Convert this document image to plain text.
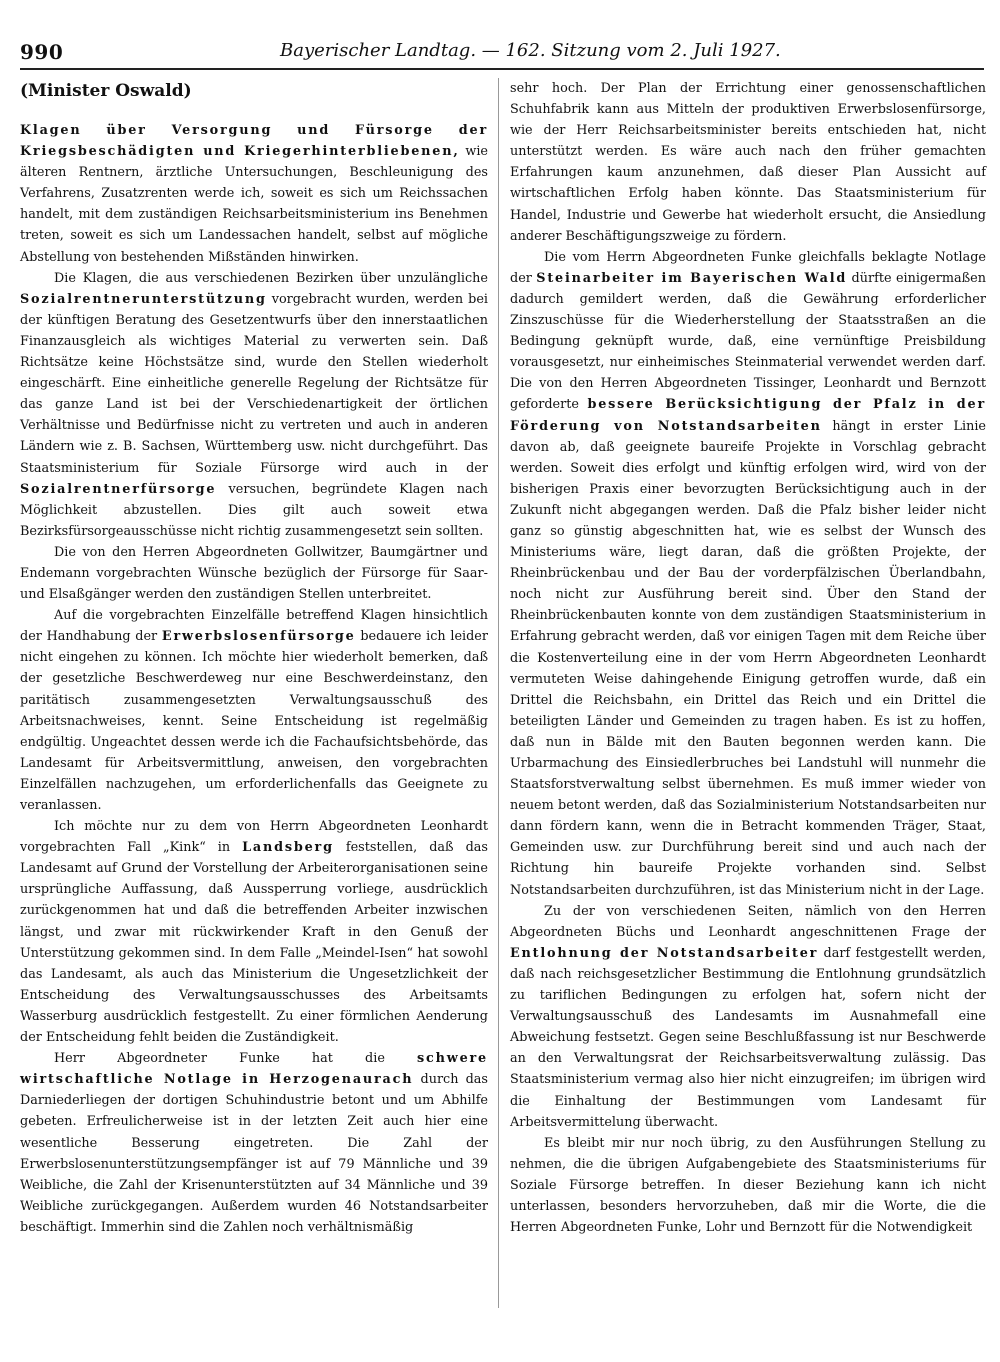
990	Bayerischer Landtag. — 162. Sitzung vom 2. Juli 1927.
(Minister Oswald)

Klagen über Versorgung und Fürsorge der Kriegsbeschädigten und Kriegerhinterbliebenen, wie älteren Rentnern, ärztliche Untersuchungen, Beschleunigung des Verfahrens, Zusatzrenten werde ich, soweit es sich um Reichssachen handelt, mit dem zuständigen Reichsarbeitsministerium ins Benehmen treten, soweit es sich um Landessachen handelt, selbst auf mögliche Abstellung von bestehenden Mißständen hinwirken.

Die Klagen, die aus verschiedenen Bezirken über unzulängliche Sozialrentnerunterstützung vorgebracht wurden, werden bei der künftigen Beratung des Gesetzentwurfs über den innerstaatlichen Finanzausgleich als wichtiges Material zu verwerten sein. Daß Richtsätze keine Höchstsätze sind, wurde den Stellen wiederholt eingeschärft. Eine einheitliche generelle Regelung der Richtsätze für das ganze Land ist bei der Verschiedenartigkeit der örtlichen Verhältnisse und Bedürfnisse nicht zu vertreten und auch in anderen Ländern wie z. B. Sachsen, Württemberg usw. nicht durchgeführt. Das Staatsministerium für Soziale Fürsorge wird auch in der Sozialrentnerfürsorge versuchen, begründete Klagen nach Möglichkeit abzustellen. Dies gilt auch soweit etwa Bezirksfürsorgeausschüsse nicht richtig zusammengesetzt sein sollten.

Die von den Herren Abgeordneten Gollwitzer, Baumgärtner und Endemann vorgebrachten Wünsche bezüglich der Fürsorge für Saar- und Elsaßgänger werden den zuständigen Stellen unterbreitet.

Auf die vorgebrachten Einzelfälle betreffend Klagen hinsichtlich der Handhabung der Erwerbslosenfürsorge bedauere ich leider nicht eingehen zu können. Ich möchte hier wiederholt bemerken, daß der gesetzliche Beschwerdeweg nur eine Beschwerdeinstanz, den paritätisch zusammengesetzten Verwaltungsausschuß des Arbeitsnachweises, kennt. Seine Entscheidung ist regelmäßig endgültig. Ungeachtet dessen werde ich die Fachaufsichtsbehörde, das Landesamt für Arbeitsvermittlung, anweisen, den vorgebrachten Einzelfällen nachzugehen, um erforderlichenfalls das Geeignete zu veranlassen.

Ich möchte nur zu dem von Herrn Abgeordneten Leonhardt vorgebrachten Fall „Kink“ in Landsberg feststellen, daß das Landesamt auf Grund der Vorstellung der Arbeiterorganisationen seine ursprüngliche Auffassung, daß Aussperrung vorliege, ausdrücklich zurückgenommen hat und daß die betreffenden Arbeiter inzwischen längst, und zwar mit rückwirkender Kraft in den Genuß der Unterstützung gekommen sind. In dem Falle „Meindel-Isen“ hat sowohl das Landesamt, als auch das Ministerium die Ungesetzlichkeit der Entscheidung des Verwaltungsausschusses des Arbeitsamts Wasserburg ausdrücklich festgestellt. Zu einer förmlichen Aenderung der Entscheidung fehlt beiden die Zuständigkeit.

Herr Abgeordneter Funke hat die schwere wirtschaftliche Notlage in Herzogenaurach durch das Darniederliegen der dortigen Schuhindustrie betont und um Abhilfe gebeten. Erfreulicherweise ist in der letzten Zeit auch hier eine wesentliche Besserung eingetreten. Die Zahl der Erwerbslosenunterstützungsempfänger ist auf 79 Männliche und 39 Weibliche, die Zahl der Krisenunterstützten auf 34 Männliche und 39 Weibliche zurückgegangen. Außerdem wurden 46 Notstandsarbeiter beschäftigt. Immerhin sind die Zahlen noch verhältnismäßig

sehr hoch. Der Plan der Errichtung einer genossenschaftlichen Schuhfabrik kann aus Mitteln der produktiven Erwerbslosenfürsorge, wie der Herr Reichsarbeitsminister bereits entschieden hat, nicht unterstützt werden. Es wäre auch nach den früher gemachten Erfahrungen kaum anzunehmen, daß dieser Plan Aussicht auf wirtschaftlichen Erfolg haben könnte. Das Staatsministerium für Handel, Industrie und Gewerbe hat wiederholt ersucht, die Ansiedlung anderer Beschäftigungszweige zu fördern.

Die vom Herrn Abgeordneten Funke gleichfalls beklagte Notlage der Steinarbeiter im Bayerischen Wald dürfte einigermaßen dadurch gemildert werden, daß die Gewährung erforderlicher Zinszuschüsse für die Wiederherstellung der Staatsstraßen an die Bedingung geknüpft wurde, daß, eine vernünftige Preisbildung vorausgesetzt, nur einheimisches Steinmaterial verwendet werden darf. Die von den Herren Abgeordneten Tissinger, Leonhardt und Bernzott geforderte bessere Berücksichtigung der Pfalz in der Förderung von Notstandsarbeiten hängt in erster Linie davon ab, daß geeignete baureife Projekte in Vorschlag gebracht werden. Soweit dies erfolgt und künftig erfolgen wird, wird von der bisherigen Praxis einer bevorzugten Berücksichtigung auch in der Zukunft nicht abgegangen werden. Daß die Pfalz bisher leider nicht ganz so günstig abgeschnitten hat, wie es selbst der Wunsch des Ministeriums wäre, liegt daran, daß die größten Projekte, der Rheinbrückenbau und der Bau der vorderpfälzischen Überlandbahn, noch nicht zur Ausführung bereit sind. Über den Stand der Rheinbrückenbauten konnte von dem zuständigen Staatsministerium in Erfahrung gebracht werden, daß vor einigen Tagen mit dem Reiche über die Kostenverteilung eine in der vom Herrn Abgeordneten Leonhardt vermuteten Weise dahingehende Einigung getroffen wurde, daß ein Drittel die Reichsbahn, ein Drittel das Reich und ein Drittel die beteiligten Länder und Gemeinden zu tragen haben. Es ist zu hoffen, daß nun in Bälde mit den Bauten begonnen werden kann. Die Urbarmachung des Einsiedlerbruches bei Landstuhl will nunmehr die Staatsforstverwaltung selbst übernehmen. Es muß immer wieder von neuem betont werden, daß das Sozialministerium Notstandsarbeiten nur dann fördern kann, wenn die in Betracht kommenden Träger, Staat, Gemeinden usw. zur Durchführung bereit sind und auch nach der Richtung hin baureife Projekte vorhanden sind. Selbst Notstandsarbeiten durchzuführen, ist das Ministerium nicht in der Lage.

Zu der von verschiedenen Seiten, nämlich von den Herren Abgeordneten Büchs und Leonhardt angeschnittenen Frage der Entlohnung der Notstandsarbeiter darf festgestellt werden, daß nach reichsgesetzlicher Bestimmung die Entlohnung grundsätzlich zu tariflichen Bedingungen zu erfolgen hat, sofern nicht der Verwaltungsausschuß des Landesamts im Ausnahmefall eine Abweichung festsetzt. Gegen seine Beschlußfassung ist nur Beschwerde an den Verwaltungsrat der Reichsarbeitsverwaltung zulässig. Das Staatsministerium vermag also hier nicht einzugreifen; im übrigen wird die Einhaltung der Bestimmungen vom Landesamt für Arbeitsvermittelung überwacht.

Es bleibt mir nur noch übrig, zu den Ausführungen Stellung zu nehmen, die die übrigen Aufgabengebiete des Staatsministeriums für Soziale Fürsorge betreffen. In dieser Beziehung kann ich nicht unterlassen, besonders hervorzuheben, daß mir die Worte, die die Herren Abgeordneten Funke, Lohr und Bernzott für die Notwendigkeit
